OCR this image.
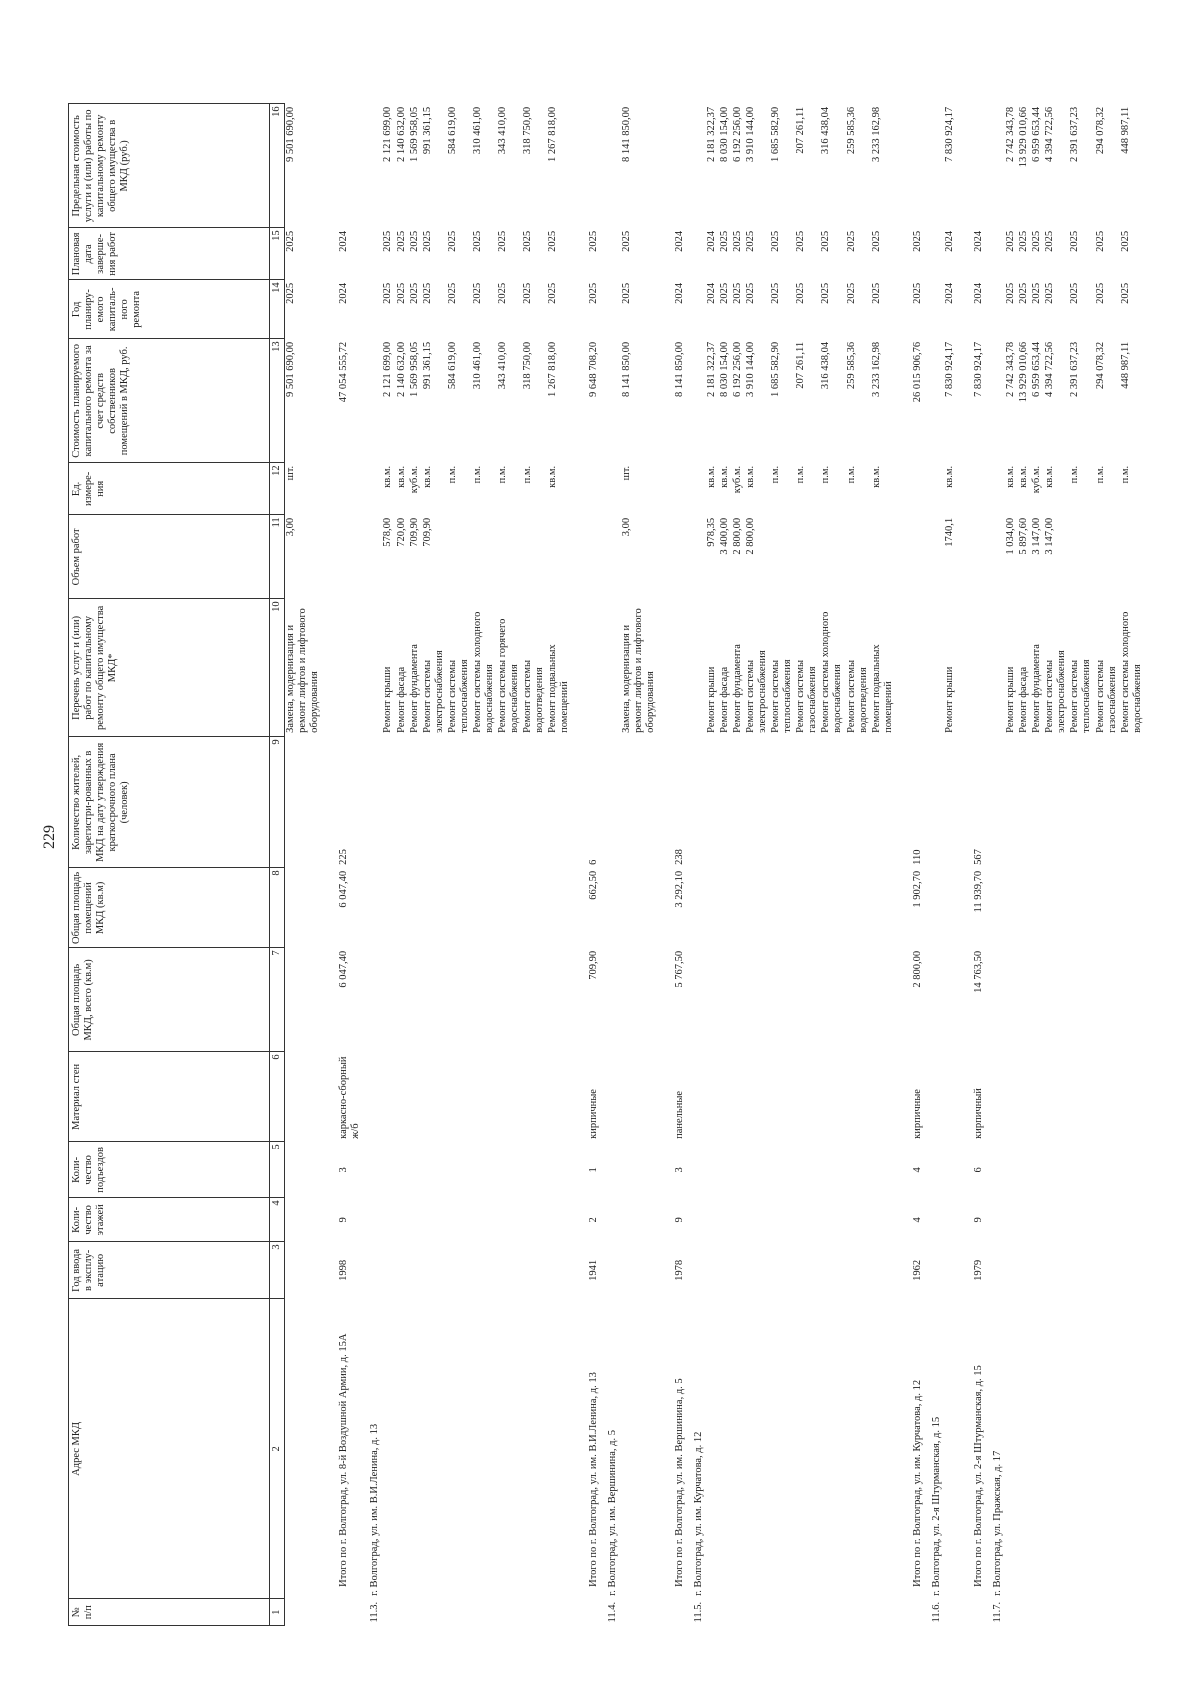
229
№ п/п	Адрес МКД	Год ввода в эксплу-атацию	Коли-чество этажей	Коли-чество подъездов	Материал стен	Общая площадь МКД, всего (кв.м)	Общая площадь помещений МКД (кв.м)	Количество жителей, зарегистри-рованных в МКД на дату утверждения краткосрочного плана (человек)	Перечень услуг и (или) работ по капитальному ремонту общего имущества МКД*	Объем работ	Ед. измере-ния	Стоимость планируемого капитального ремонта за счет средств собственников помещений в МКД, руб.	Год планиру-емого капиталь-ного ремонта	Плановая дата заверше-ния работ	Предельная стоимость услуги и (или) работы по капитальному ремонту общего имущества в МКД (руб.)
1	2	3	4	5	6	7	8	9	10	11	12	13	14	15	16
									Замена, модернизация и ремонт лифтов и лифтового оборудования	3,00	шт.	9 501 690,00	2025	2025	9 501 690,00
	Итого по г. Волгоград, ул. 8-й Воздушной Армии, д. 15А	1998	9	3	каркасно-сборный ж/б	6 047,40	6 047,40	225				47 054 555,72	2024	2024	
11.3.	г. Волгоград, ул. им. В.И.Ленина, д. 13														
									Ремонт крыши	578,00	кв.м.	2 121 699,00	2025	2025	2 121 699,00
									Ремонт фасада	720,00	кв.м.	2 140 632,00	2025	2025	2 140 632,00
									Ремонт фундамента	709,90	куб.м.	1 569 958,05	2025	2025	1 569 958,05
									Ремонт системы электроснабжения	709,90	кв.м.	991 361,15	2025	2025	991 361,15
									Ремонт системы теплоснабжения		п.м.	584 619,00	2025	2025	584 619,00
									Ремонт системы холодного водоснабжения		п.м.	310 461,00	2025	2025	310 461,00
									Ремонт системы горячего водоснабжения		п.м.	343 410,00	2025	2025	343 410,00
									Ремонт системы водоотведения		п.м.	318 750,00	2025	2025	318 750,00
									Ремонт подвальных помещений		кв.м.	1 267 818,00	2025	2025	1 267 818,00
	Итого по г. Волгоград, ул. им. В.И.Ленина, д. 13	1941	2	1	кирпичные	709,90	662,50	6				9 648 708,20	2025	2025	
11.4.	г. Волгоград, ул. им. Вершинина, д. 5														
									Замена, модернизация и ремонт лифтов и лифтового оборудования	3,00	шт.	8 141 850,00	2025	2025	8 141 850,00
	Итого по г. Волгоград, ул. им. Вершинина, д. 5	1978	9	3	панельные	5 767,50	3 292,10	238				8 141 850,00	2024	2024	
11.5.	г. Волгоград, ул. им. Курчатова, д. 12														
									Ремонт крыши	978,35	кв.м.	2 181 322,37	2024	2024	2 181 322,37
									Ремонт фасада	3 400,00	кв.м.	8 030 154,00	2025	2025	8 030 154,00
									Ремонт фундамента	2 800,00	куб.м.	6 192 256,00	2025	2025	6 192 256,00
									Ремонт системы электроснабжения	2 800,00	кв.м.	3 910 144,00	2025	2025	3 910 144,00
									Ремонт системы теплоснабжения		п.м.	1 685 582,90	2025	2025	1 685 582,90
									Ремонт системы газоснабжения		п.м.	207 261,11	2025	2025	207 261,11
									Ремонт системы холодного водоснабжения		п.м.	316 438,04	2025	2025	316 438,04
									Ремонт системы водоотведения		п.м.	259 585,36	2025	2025	259 585,36
									Ремонт подвальных помещений		кв.м.	3 233 162,98	2025	2025	3 233 162,98
	Итого по г. Волгоград, ул. им. Курчатова, д. 12	1962	4	4	кирпичные	2 800,00	1 902,70	110				26 015 906,76	2025	2025	
11.6.	г. Волгоград, ул. 2-я Штурманская, д. 15														
									Ремонт крыши	1740,1	кв.м.	7 830 924,17	2024	2024	7 830 924,17
	Итого по г. Волгоград, ул. 2-я Штурманская, д. 15	1979	9	6	кирпичный	14 763,50	11 939,70	567				7 830 924,17	2024	2024	
11.7.	г. Волгоград, ул. Пражская, д. 17														
									Ремонт крыши	1 034,00	кв.м.	2 742 343,78	2025	2025	2 742 343,78
									Ремонт фасада	5 897,60	кв.м.	13 929 010,66	2025	2025	13 929 010,66
									Ремонт фундамента	3 147,00	куб.м.	6 959 653,44	2025	2025	6 959 653,44
									Ремонт системы электроснабжения	3 147,00	кв.м.	4 394 722,56	2025	2025	4 394 722,56
									Ремонт системы теплоснабжения		п.м.	2 391 637,23	2025	2025	2 391 637,23
									Ремонт системы газоснабжения		п.м.	294 078,32	2025	2025	294 078,32
									Ремонт системы холодного водоснабжения		п.м.	448 987,11	2025	2025	448 987,11
